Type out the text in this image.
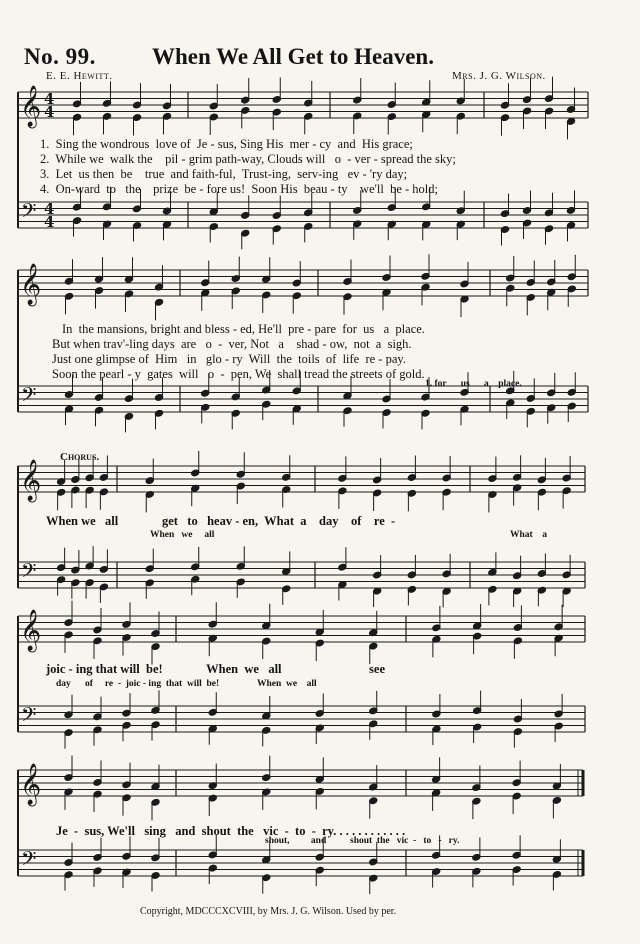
No. 99. When We All Get to Heaven.
E. E. Hewitt.	Mrs. J. G. Wilson.
𝄞
𝄢
4
4
4
4
𝄞
𝄢
𝄞
𝄢
𝄞
𝄢
𝄞
𝄢
1.  Sing the wondrous  love of  Je - sus, Sing His  mer - cy  and  His grace;
2.  While we  walk the    pil - grim path-way, Clouds will   o  - ver - spread the sky;
3.  Let  us then  be    true  and faith-ful,  Trust-ing,  serv-ing   ev - 'ry day;
4.  On-ward  to   the    prize  be - fore us!  Soon His  beau - ty    we'll  be - hold;
In  the mansions, bright and bless - ed, He'll  pre - pare  for  us   a  place.
But when trav'-ling days  are   o  -  ver, Not   a    shad - ow,  not  a  sigh.
Just one glimpse of  Him   in   glo - ry  Will  the  toils  of  life  re - pay.
Soon the pearl - y  gates  will   o  -  pen, We  shall tread the streets of gold.
1. for      us      a    place.
Chorus.
When we   all              get   to   heav - en,  What  a    day    of    re  -
When   we     all	What    a
joic - ing that will  be!              When  we   all                            see
day      of     re  -  joic - ing  that  will  be!                When  we    all
Je  -  sus, We'll   sing   and  shout  the   vic  -  to  -  ry. . . . . . . . . . . .
shout,         and          shout  the   vic  -   to   -   ry.
Copyright, MDCCCXCVIII, by Mrs. J. G. Wilson. Used by per.
